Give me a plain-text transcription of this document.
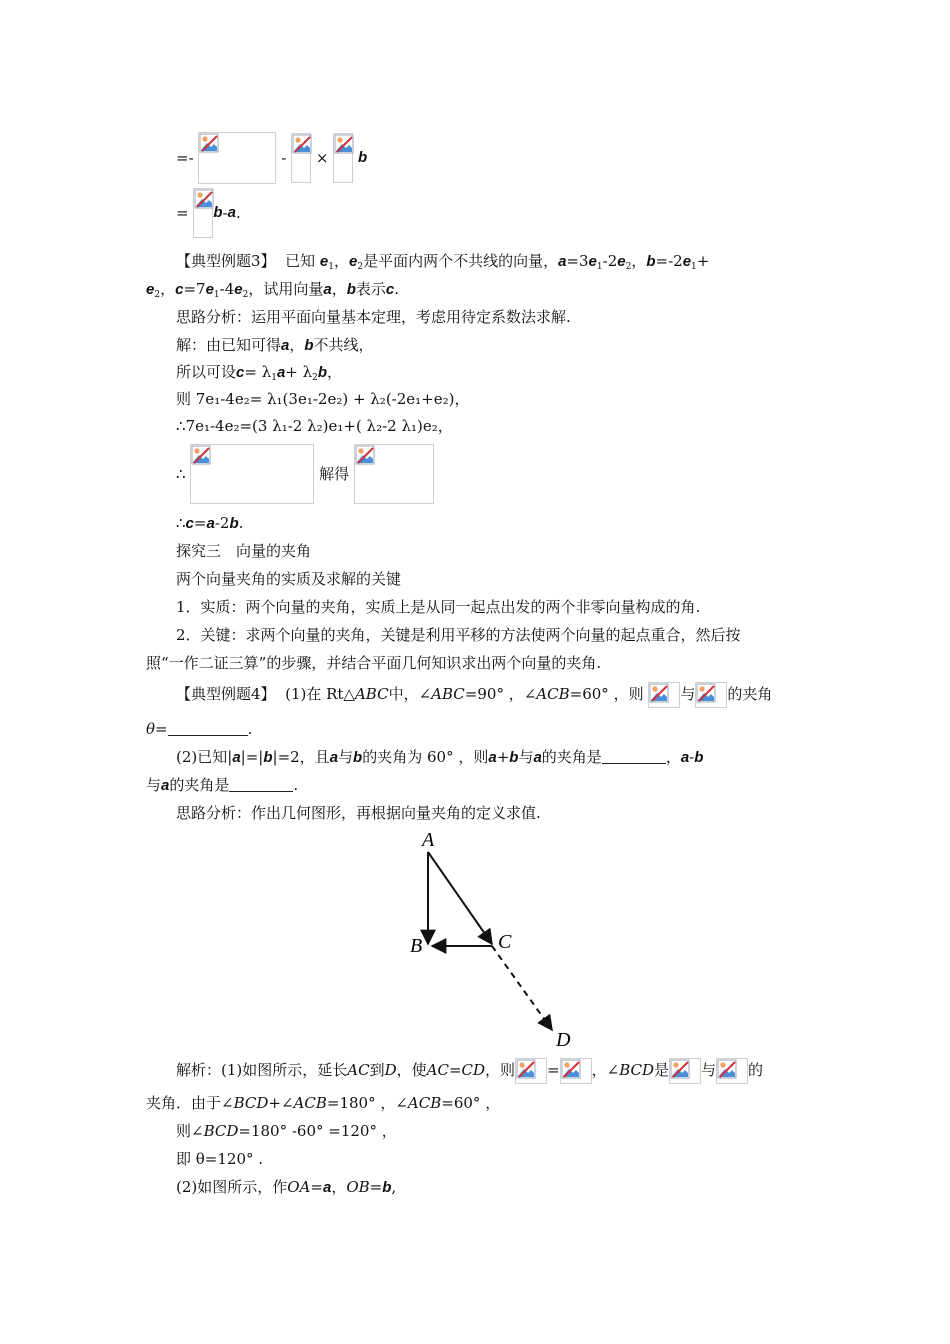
=-	- × b
= b-a.
【典型例题3】 已知 $e_1$，$e_2$是平面内两个不共线的向量，$a=3e_1-2e_2$，$b=-2e_1+$
$e_2$，$c=7e_1-4e_2$，试用向量a，b表示c.
思路分析：运用平面向量基本定理，考虑用待定系数法求解.
解：由已知可得a，b不共线，
所以可设$c= \lambda_1a+ \lambda_2b$，
则 7e₁-4e₂= λ₁(3e₁-2e₂) + λ₂(-2e₁+e₂)，
∴7e₁-4e₂=(3 λ₁-2 λ₂)e₁+( λ₂-2 λ₁)e₂，
∴	解得
∴c=a-2b.
探究三　向量的夹角
两个向量夹角的实质及求解的关键
1．实质：两个向量的夹角，实质上是从同一起点出发的两个非零向量构成的角.
2．关键：求两个向量的夹角，关键是利用平移的方法使两个向量的起点重合，然后按
照“一作二证三算”的步骤，并结合平面几何知识求出两个向量的夹角.
【典型例题4】 (1)在 Rt△ABC中，∠ABC=90° ，∠ACB=60° ，则 与 的夹角
θ=	.
(2)已知|a|=|b|=2，且a与b的夹角为 60° ，则a+b与a的夹角是	，a-b
与a的夹角是	.
思路分析：作出几何图形，再根据向量夹角的定义求值.
A
B	C
D
解析：(1)如图所示，延长AC到D，使AC=CD，则 = ，∠BCD是 与 的
夹角．由于∠BCD+∠ACB=180° ，∠ACB=60° ，
则∠BCD=180° -60° =120° ，
即 θ=120° .
(2)如图所示，作OA=a，OB=b,
